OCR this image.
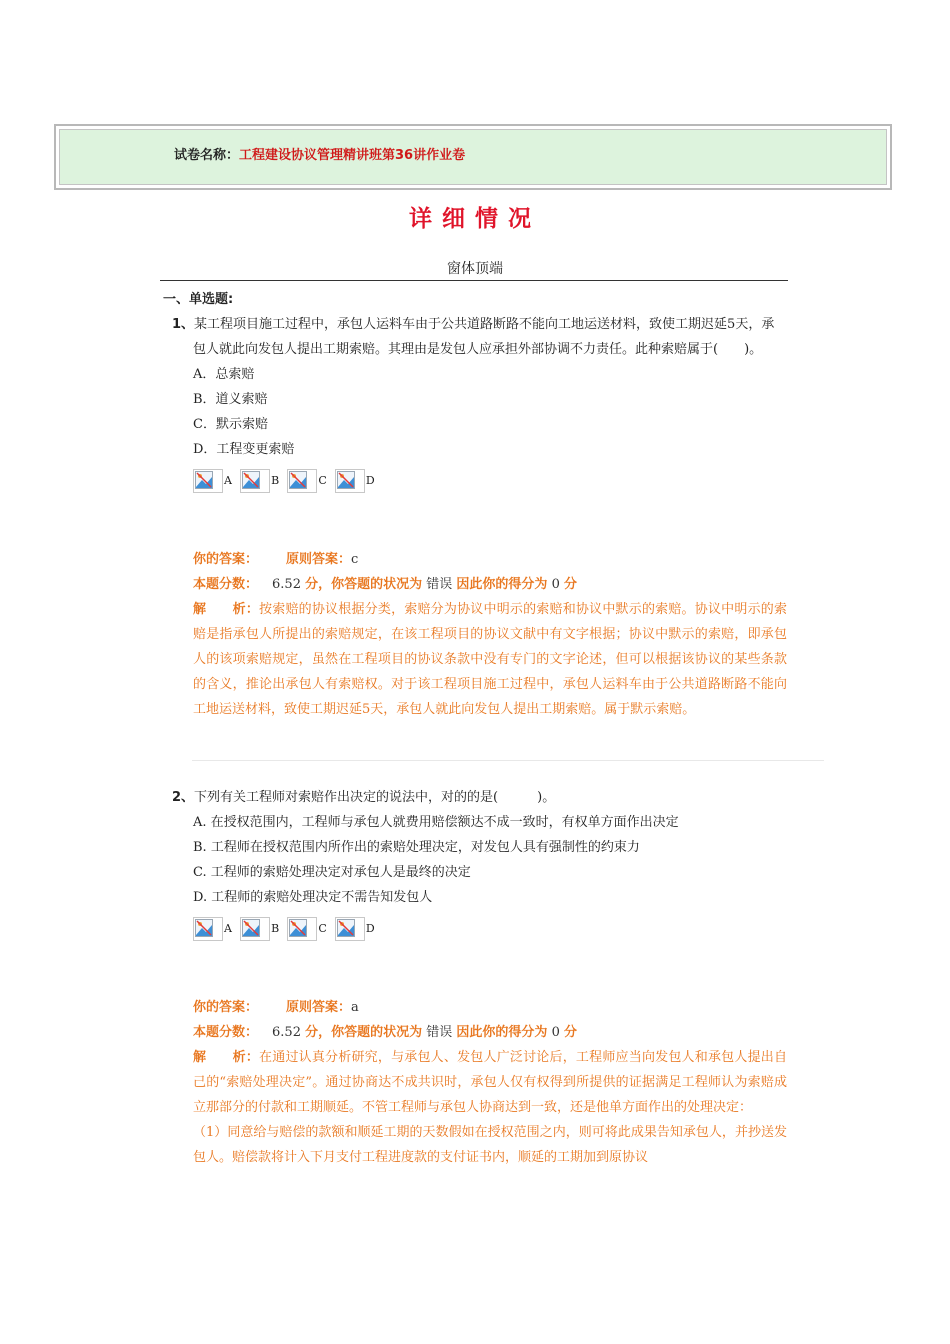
试卷名称：工程建设协议管理精讲班第36讲作业卷
详细情况
窗体顶端
一、单选题:
1、某工程项目施工过程中，承包人运料车由于公共道路断路不能向工地运送材料，致使工期迟延5天，承包人就此向发包人提出工期索赔。其理由是发包人应承担外部协调不力责任。此种索赔属于(　　)。
A．总索赔
B．道义索赔
C．默示索赔
D．工程变更索赔
A	B	C	D
你的答案： 原则答案：c
本题分数： 6.52 分，你答题的状况为 错误 因此你的得分为 0 分
解　　析：按索赔的协议根据分类，索赔分为协议中明示的索赔和协议中默示的索赔。协议中明示的索赔是指承包人所提出的索赔规定，在该工程项目的协议文献中有文字根据；协议中默示的索赔，即承包人的该项索赔规定，虽然在工程项目的协议条款中没有专门的文字论述，但可以根据该协议的某些条款的含义，推论出承包人有索赔权。对于该工程项目施工过程中，承包人运料车由于公共道路断路不能向工地运送材料，致使工期迟延5天，承包人就此向发包人提出工期索赔。属于默示索赔。
2、下列有关工程师对索赔作出决定的说法中，对的的是(　　　)。
A. 在授权范围内，工程师与承包人就费用赔偿额达不成一致时，有权单方面作出决定
B. 工程师在授权范围内所作出的索赔处理决定，对发包人具有强制性的约束力
C. 工程师的索赔处理决定对承包人是最终的决定
D. 工程师的索赔处理决定不需告知发包人
A	B	C	D
你的答案： 原则答案：a
本题分数： 6.52 分，你答题的状况为 错误 因此你的得分为 0 分
解　　析：在通过认真分析研究，与承包人、发包人广泛讨论后，工程师应当向发包人和承包人提出自己的“索赔处理决定”。通过协商达不成共识时，承包人仅有权得到所提供的证据满足工程师认为索赔成立那部分的付款和工期顺延。不管工程师与承包人协商达到一致，还是他单方面作出的处理决定：
（1）同意给与赔偿的款额和顺延工期的天数假如在授权范围之内，则可将此成果告知承包人，并抄送发包人。赔偿款将计入下月支付工程进度款的支付证书内，顺延的工期加到原协议
